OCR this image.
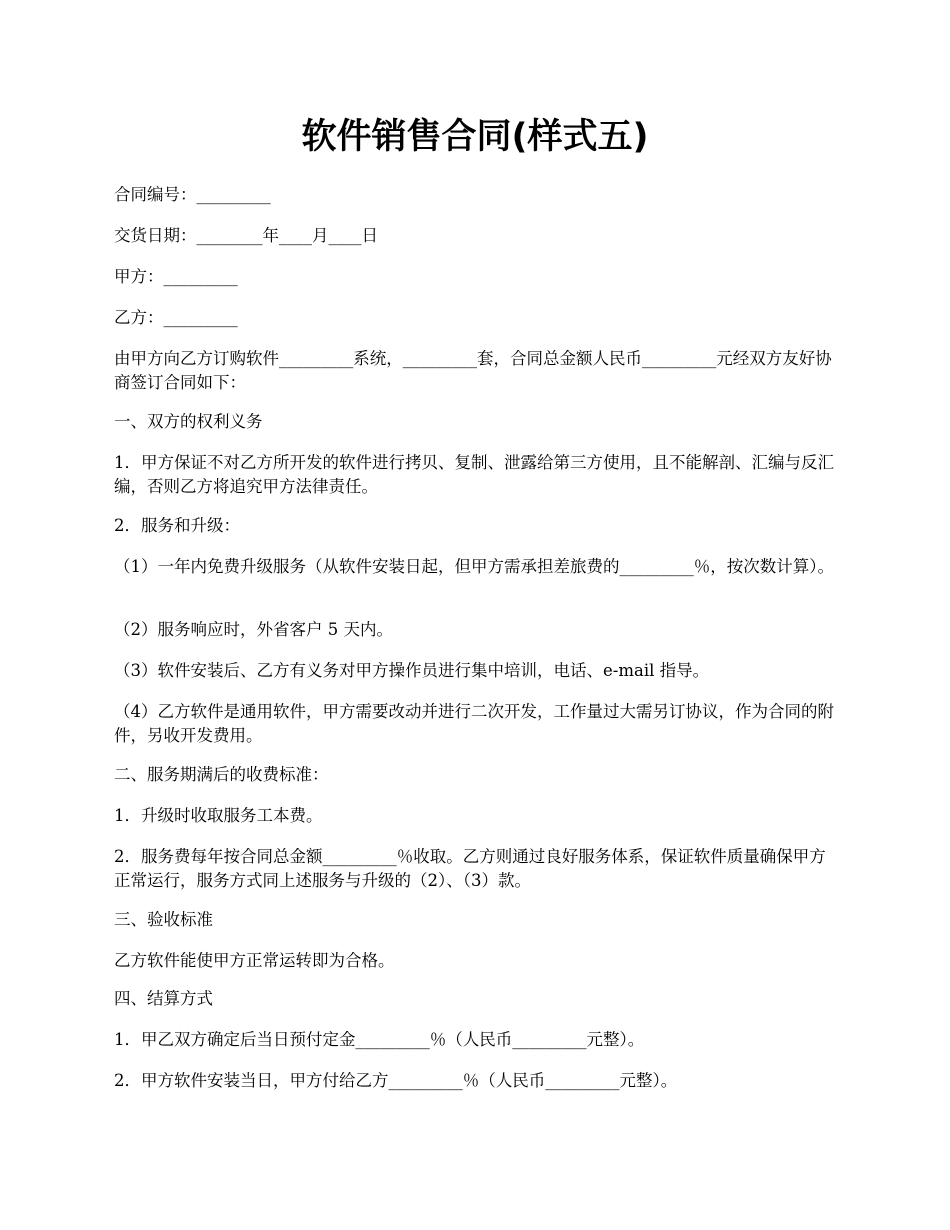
软件销售合同(样式五)

合同编号：_________

交货日期：________年____月____日

甲方：_________

乙方：_________

由甲方向乙方订购软件_________系统，_________套，合同总金额人民币_________元经双方友好协商签订合同如下：

一、双方的权利义务

1．甲方保证不对乙方所开发的软件进行拷贝、复制、泄露给第三方使用，且不能解剖、汇编与反汇编，否则乙方将追究甲方法律责任。

2．服务和升级：

（1）一年内免费升级服务（从软件安装日起，但甲方需承担差旅费的_________％，按次数计算）。

（2）服务响应时，外省客户 5 天内。

（3）软件安装后、乙方有义务对甲方操作员进行集中培训，电话、e-mail 指导。

（4）乙方软件是通用软件，甲方需要改动并进行二次开发，工作量过大需另订协议，作为合同的附件，另收开发费用。

二、服务期满后的收费标准：

1．升级时收取服务工本费。

2．服务费每年按合同总金额_________％收取。乙方则通过良好服务体系，保证软件质量确保甲方正常运行，服务方式同上述服务与升级的（2）、（3）款。

三、验收标准

乙方软件能使甲方正常运转即为合格。

四、结算方式

1．甲乙双方确定后当日预付定金_________％（人民币_________元整）。

2．甲方软件安装当日，甲方付给乙方_________％（人民币_________元整）。
